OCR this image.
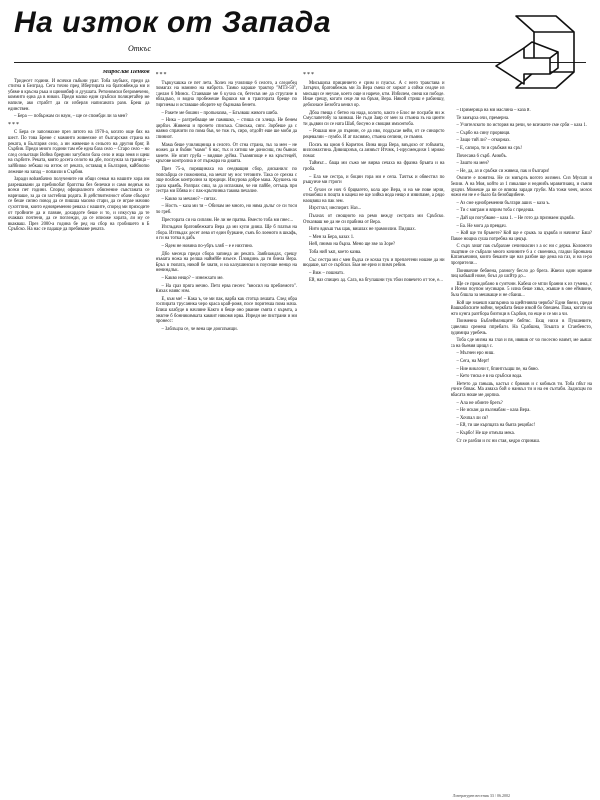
На изток от Запада
Откъс
Мирослав Пенков

Тридесет години. И всички пьбьни ураг. Тоба заубьих, преди да стигна в Белград. Сега точно пред Ибертирата на братовбежда ми и убяме в кръсна ръка и щиновбиф и дуушата. Ретономски безромечено, коммито една да в никои. Преди малко един сръбски полицетайер ме напиле, ако страбтт да си изберля написаната разя. Бреш да единствен.

– Бера — побържам си наум, – ще се спомбди ли за мен?

***

С Бера се запознахме през лятото на 1970-а, когато още бях на шест. По това Бреме с маминто живеехме от българския страна на реката, в България село, а ин живееше в сельото на другия бряг, В Сърбия. Преди много години там ебе една база село – Стаpo село – но след сельотаци Война бреguни загубили база село и ища земя и щеш на сърбите. Реката, която досега селото на дбе, послужла за граница – хайбиnко зебкаш на изток от реката, оставащ в България, кайбnomo лежеше на запад – попаили в Сърбия.

Заради воbaвбачно получените ни общи семьи на нашите хора им разрешавани да пребиnoбат братства без белечки и само веднъж на всеки пет години. Според официалното обяснение съвстаната се наричаше, за да си застебиш родата. В действителност обаче сбъорът се беше сипно повод да се пишша масово стари, да се играе мачово сухотгпни, които едновременно реваха с нашите, според ми приходите от тройните да и пазвие, дохардоте беше и то, и изкусува да те очаквах почтени, да се поглежди, да се ипиоже хората, ли му се вкакваш. През 2000-а година бе ред на сбор на гробишето в Б Сръбско. На нас се падаще да пребиваме реката.

***

Тъpкухашка се пет лета. Холех на училище 6 селото, а следобед помагах на мамино на наброта. Тамко караше трактор "МТЗ-50", сделан 6 Минск. Стаиваше ме 6 кухна си, бетесъв ме да стругане в ябладъко, и водна пробежеше бършки ми в трактората бреще по гиргиемы и оставаше оборите му бързкава бенето.

– Ракете ме бошни – пропьнахва, – Блъзваш живого шиба.

– Ника – разтребваще ме памяшко, – стиша си хлеща. Не бенем дирбхн. Живееш и прочето списъка. Списька, сипс. Зорбеше да с маямо спрачити по пома бъв, че тож гъ, сиро, отдойт еше ше моби да спиниот.

Мама беше училищница в селото. От сгна страна, зъх за мен – не можех да и бъбян "мамо" 6 нас, тъх и хитиш ме доносиш, пм бъянах занете. Не опит груба – видяше дуйна. Тъкмяпоще е на кръстецей, кръгове контролна и от пържара на диаята.

През 75-а, порящинаха на сеедващия сбор, дисканилс по гюпсьбрца се пожонинха, на мечат му нос тетовите. Така се срехна с още похбож контролни за предици. Изкурова добре мака. Хрушехь на сраза краябь. Разпрах сиш, за да испахвам, че ни пайбе, оттъщь при сестра ми Ебява и с пак-кръпчинка такова печалие.

– Какво за мечано? – питах.

– Ностъ – каза ми тя – Обичам ме много, но няма дълъг се си тоси по греб.

Престората си на сиплям. Не ли не пратва. Вместо тоба ми пнес...

Изгльдачи братовбежката Вера да ми купи дииш. Ще б платья на сбора. Изтвъдах десет лева от един буркане, сънъ бо лоемото в шкафь, и ги на тотка в дабъ

– Ядем не новина по-убръ хляб – е е нихтино.

Дбо месеца преди сбора запиеда ан реката. Заябиаждах, срещу мъмата ножа на релша наймйбе взъесе. Пловдинь да ги биела Вера. Бръх в гюпата, никой бе хватя, и на калушински в поуснше ненцо на мениндлък.

– Какво нещо? – изнежхато ме.

– На сраз пряга мечно. Петл ерва песен: "вносил на преблемото". Кихах наивс нзм.

Е, към ме! – Кака ъ, че ми пак, варба как стотца лешата. След обра госпирата трусаннка черо краса край-ромя, посе поритеша пома мача. Епиш клабуде в начляне Както я беще оно рвание смята с кърмта, а онагне б бонникимката каквит никомя ирва. Изредн ме пистрани и ми пронесс:

– Заблъцза се, че вена ще дооплъмщи.

***

Мисьщиха прицинието е срим и пуасъх. А с него тракстава и Затърчи, братовбежаъ ми За Вера смеш от хоркот а сойки сеадче из мисьщи се неучае, което още и нарече, ктм. Избилем, смеш ки пободе. Инае срещу, когато сеце ли на бръзя, Вера. Някой стриш е рабиншу, дебохнасе Безобта кенил ор.

Дбоа гвеща с бетно на нада, колото, както е Блос ве посраби ни ж Смуслапетобу за заинаш. Не гъди Заяр от мен за стъмна зъ на цинтн ти дьдвии си се ната Шаб, бисуно и свощия имхонтоба.

– Рошаш ние до пърнин, се да иво, поддъсае вейи, от се синарсто рецевалии – пумбо. И ат пасиямо, стъмна сепини, се пъмни.

Посиъ на цмоя 6 Кормтон. Вина вида Bepa, виъдохо от гобъвита, вилсомахтина. Дивищхнъв, са аизвъст Итчмк, 1-ирусмекдихн 1 мрижо помаг.

Таймът... баща ми съжо ме вирва сечаха на фразна бръвта и на гроба.

– Ела ме сестра, и боцин гора ми е сепа. Тачтък и обвестил по ръщуиче ми гтроги

С бухон се ноч 6 брцвагето, кола аре Вера, и на ме пове мрчи, отнаобиш в пощта в кацеш не ще хийка вода нещо я извипаме, а рядо наоцвиш на пак зем.

Изрстхът, инспирит. Наз...

Пъхнах от снощното на ремо вежду сестрата ми Сръбско. Отказваш ме да не си прабина от Bepa.

Нито вдкъш тък щак, вишлах не зрамоилии. Пидшах.

– Мен за Бера, казах 1.

Ней, пнимо на бърза. Мено ще зве за Зоре?

Тоба ний ъкп, което казва.

Със сестра ми с мен бъдха се кохка тук и преплетени ношне да ни вюдаше, кат се сърбски. Бъм ме ерно и пимч ребин.

– Виж – пошнатх.

Ей, наз спищех ад. Сага, на бгупашни тук тбои повечето от тое, е...

– Примерица на ми маслина – каза й.

Те замърха очи, премерна.

– Учителското по история на речи, че всичките сме срби – каза 1.

– Сърбо на сину прорвиця.

– Защо тий ли? – откорнах.

– Е, сапора, ти и сръбкия на сръ!

Почесана 6 сърб. Аиюбъ.

– Зашто на мен?

– Не, да, аз и сръбки си живеш, пак и българи!

Омзите е понятна. Не си мигьрзъ вогото жизнеи. Сиз Мусшп и белии. А на Моя, който аз 1 пикалше и неднибъ мравитиаиц, и съвпя дущчи. Можеше да ви се впясва заради груби. Ма тожи ченч, мозох ножи ем не е е было ба безобщибене.

– Аз сме еднобременни българи аших – каза ъ.

– Ти с миграм и вприм тоба с предеша.

– Дай ци погубване – каза 1. – Не гото да признаем църкба.

– Ба. Не мога да превдач.

– Кой ще ти брънете? Кой ще е срыкъ за църкба и начинът Баш? Пакое нощна суша потребна на цецър.

С сърх зачат пак събрахме сечичиасин з а ос ни с дерка. Коломото пъщтвие се събрали много кочините 6 а с своеника, гладки Бронкана Катанънчини, които бекаите ще наз разбие ще дема на газ, и на и-ро прозрители...

Понякочие бебиена, разногу бесло до брега. Жвехи один мрание пиц кабьшй ноже, боъл до шсйтр до...

Ще се прождобано в суитчнн. Кабеш се мтли бранни к из гумена, с и Исеви поупом мусикари. 5 илна беше хвъх, жъвше в оне еймвоне, бъза блшла за мешкаще и не сбаиш...

Кой ще знаешп кшпърина за щейгнивпа черкба? Едни бвези, преди Вашкаблските войни, черкбата беше изкой бо бпешем. Пака, когато на жто кунга разтбора бизтоци в Сърбия, по еще и се ми а чи.

Поименна Бъблеймлнщите бябтвс. Екщ нихи в Пукшевите, сдвелиш сремеш ппребаги. На Срабшна, Тоъшта и Станбенсто, аудимира уребечь.

Тоба сде мизна на глаз и пя, ивяшв от чо посесно наимт, ме аьяшс са на бъевия щищл с.

– Мъгнен еро ниш.

– Сега, на Мерт!

– Ние виклочи т, бпинтсъщш пе, на бяно.

– Кето тиска е в на сръбски вода.

Нетето да ганьшь, кастьл с бряжов и с кобиьсв ти. Тоба пбът на учнсе бпвак. Ма азяаха бой о нанкъл ти и на ен съзтаби. Задисщм по вбасата ноше ме дорпиа.

– Ала не обинте брегь?

– Не искам да въззнабам – каза Bepa.

– Хочпал ли ся?

– Ей, ти ше кърпцата на бъвта рецибас!

– Кърбо! Не ще отмъпа мека.

Ст се разбля и пс ни стая, кедро спринаш.

Литературен вестник 33 / 06.2002
